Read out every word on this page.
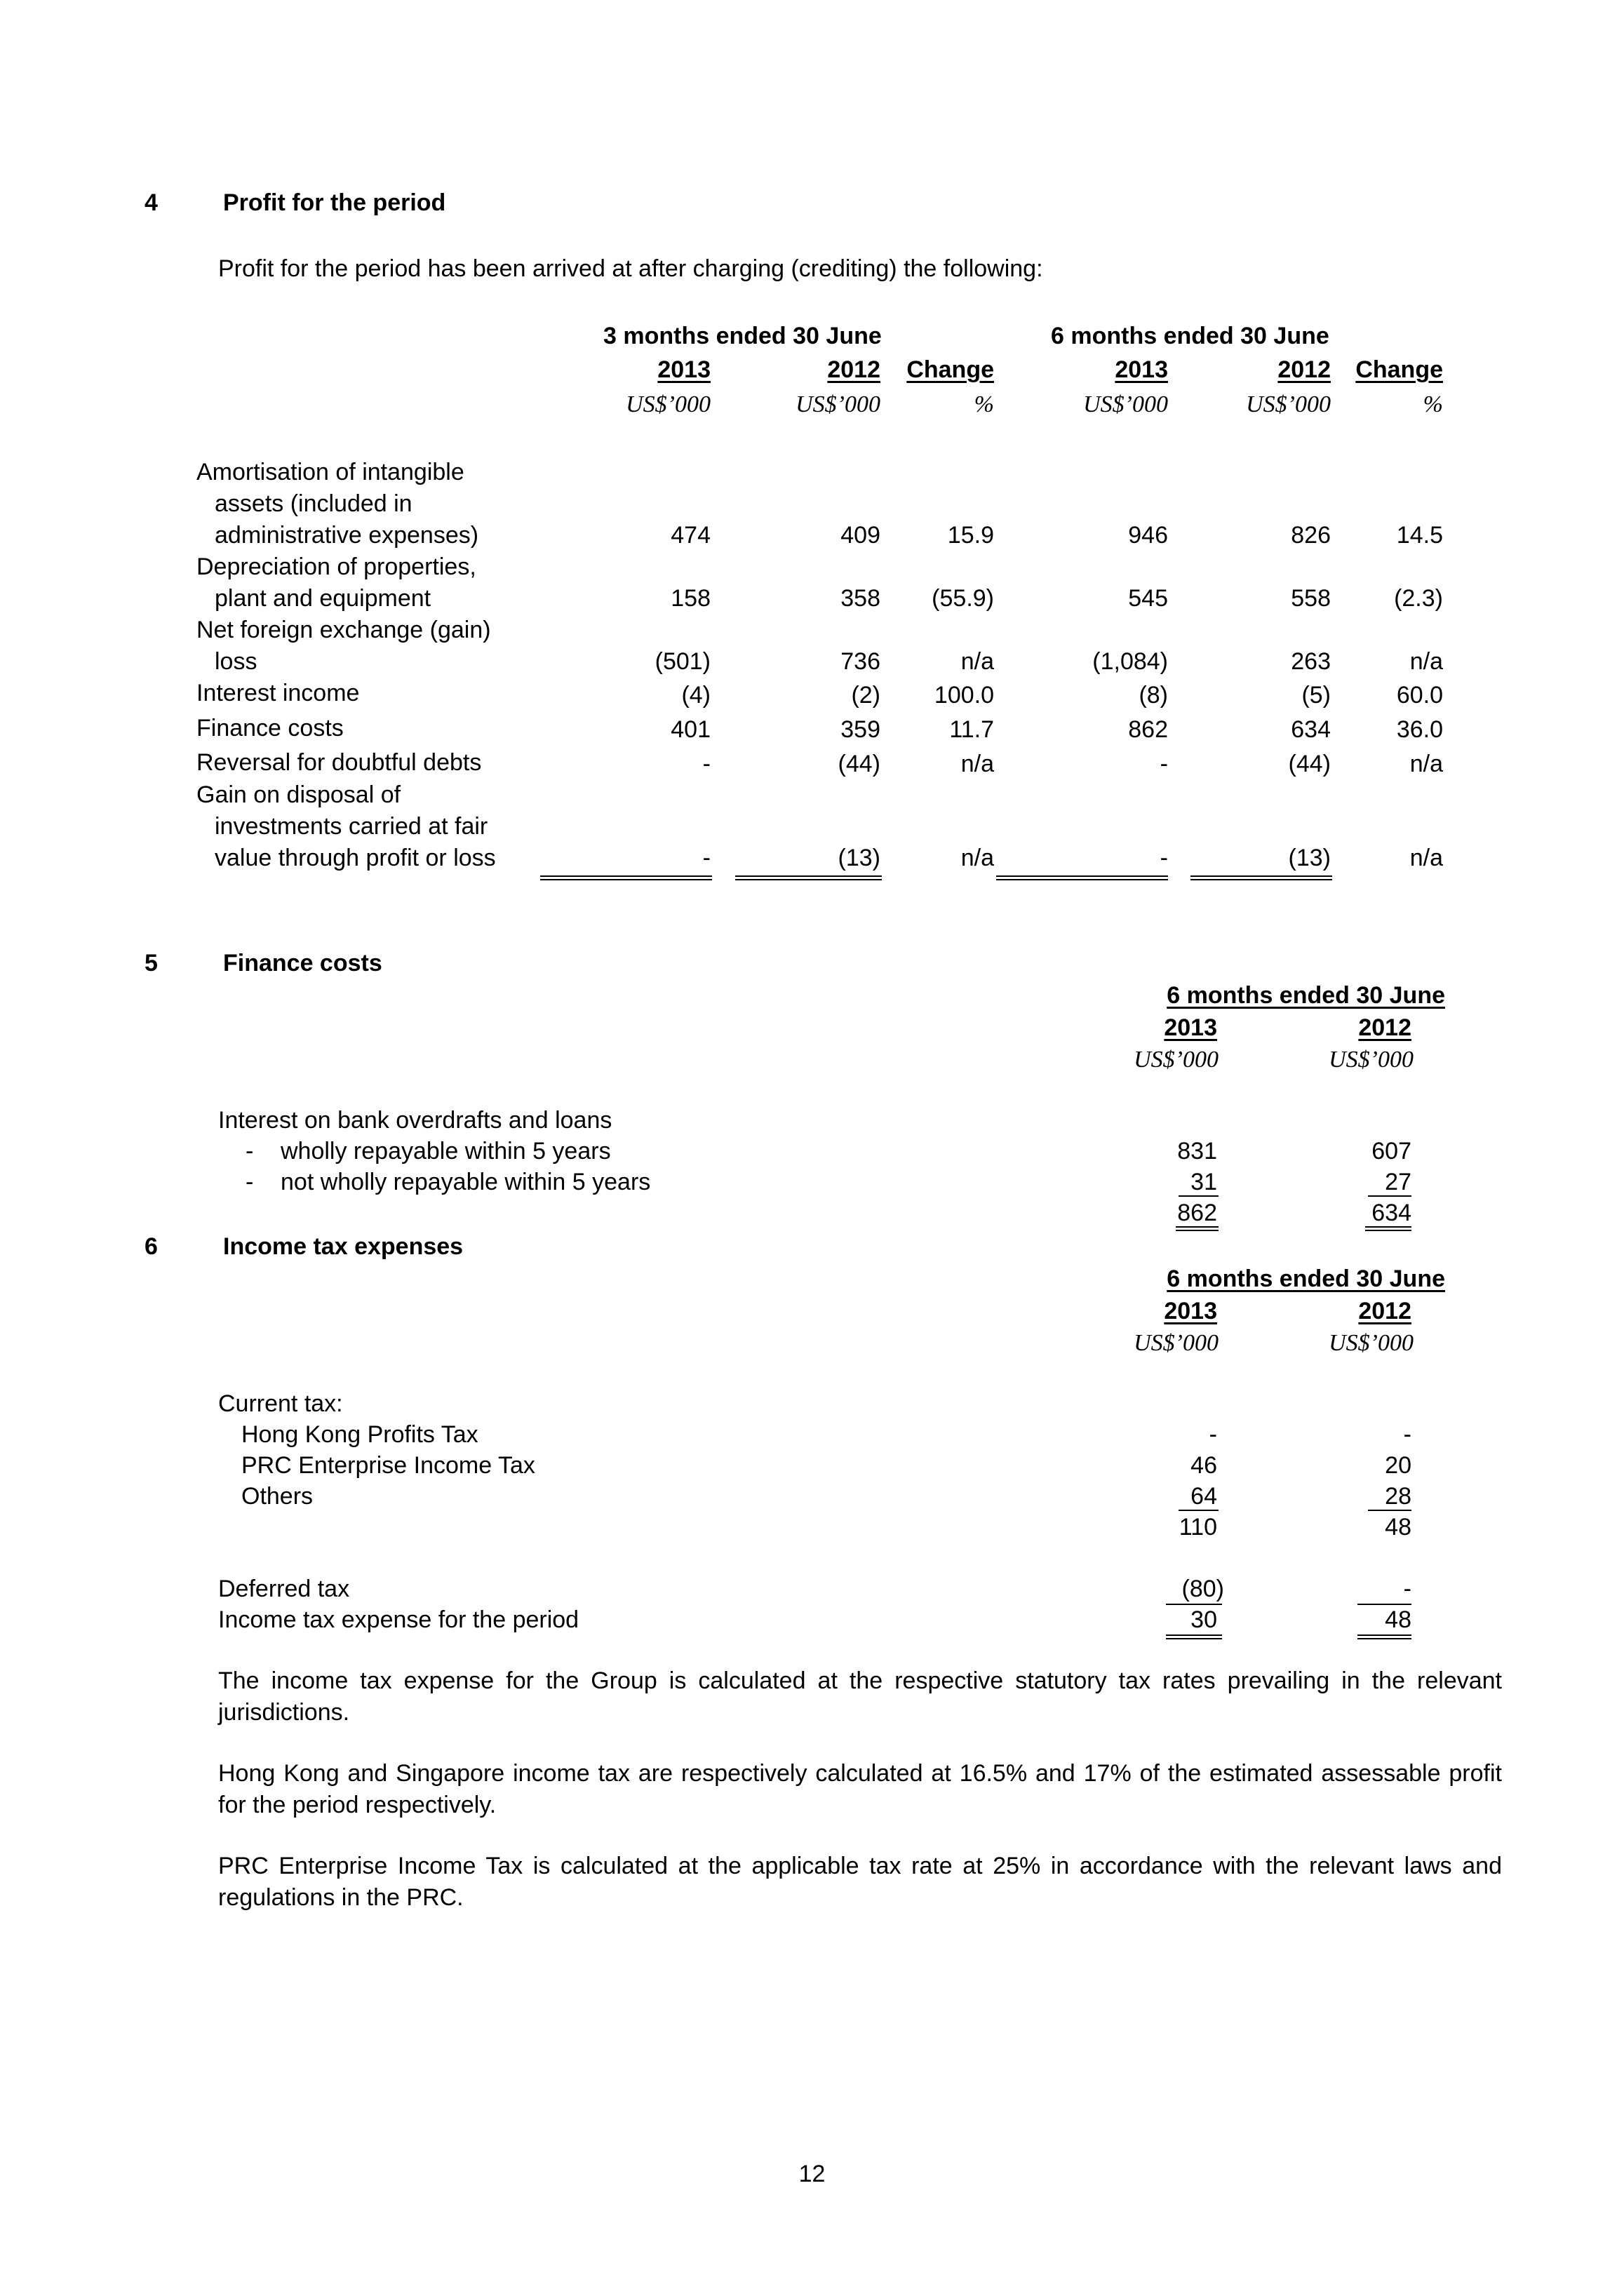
4	Profit for the period
Profit for the period has been arrived at after charging (crediting) the following:
3 months ended 30 June	6 months ended 30 June
2013	2012	Change	2013	2012	Change
US$’000	US$’000	%	US$’000	US$’000	%
Amortisation of intangible
assets (included in
administrative expenses)	474	409	15.9	946	826	14.5
Depreciation of properties,
plant and equipment	158	358	(55.9)	545	558	(2.3)
Net foreign exchange (gain)
loss	(501)	736	n/a	(1,084)	263	n/a
Interest income	(4)	(2)	100.0	(8)	(5)	60.0
Finance costs	401	359	11.7	862	634	36.0
Reversal for doubtful debts	-	(44)	n/a	-	(44)	n/a
Gain on disposal of
investments carried at fair
value through profit or loss	-	(13)	n/a	-	(13)	n/a
5	Finance costs
6 months ended 30 June
2013	2012
US$’000	US$’000
Interest on bank overdrafts and loans
- wholly repayable within 5 years	831	607
- not wholly repayable within 5 years	31	27
862	634
6	Income tax expenses
6 months ended 30 June
2013	2012
US$’000	US$’000
Current tax:
Hong Kong Profits Tax	-	-
PRC Enterprise Income Tax	46	20
Others	64	28
110	48
Deferred tax	(80)	-
Income tax expense for the period	30	48
The income tax expense for the Group is calculated at the respective statutory tax rates prevailing in the relevant jurisdictions.
Hong Kong and Singapore income tax are respectively calculated at 16.5% and 17% of the estimated assessable profit for the period respectively.
PRC Enterprise Income Tax is calculated at the applicable tax rate at 25% in accordance with the relevant laws and regulations in the PRC.
12
